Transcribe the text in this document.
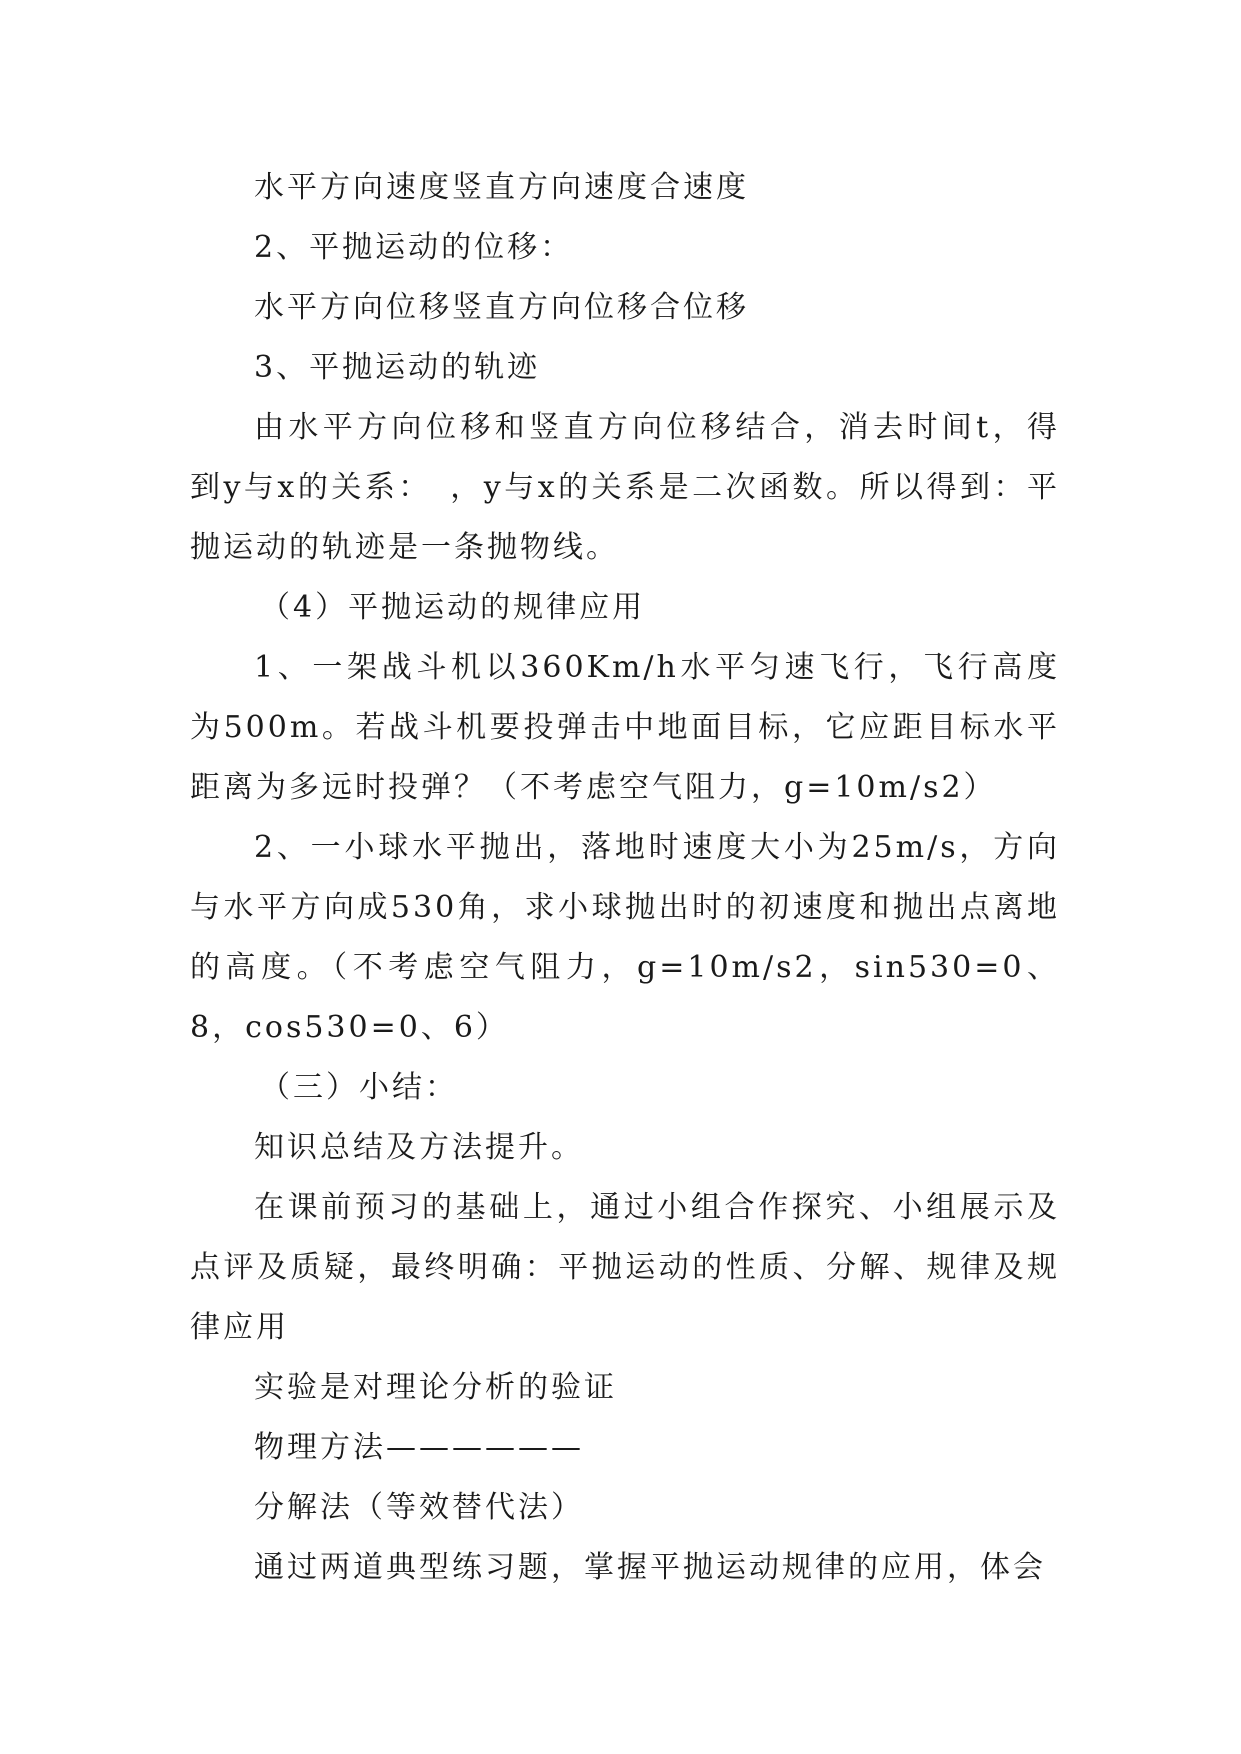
水平方向速度竖直方向速度合速度

2、平抛运动的位移：

水平方向位移竖直方向位移合位移

3、平抛运动的轨迹

由水平方向位移和竖直方向位移结合，消去时间t，得到y与x的关系：　，y与x的关系是二次函数。所以得到：平抛运动的轨迹是一条抛物线。

（4）平抛运动的规律应用

1、一架战斗机以360Km/h水平匀速飞行，飞行高度为500m。若战斗机要投弹击中地面目标，它应距目标水平距离为多远时投弹？（不考虑空气阻力，g=10m/s2）

2、一小球水平抛出，落地时速度大小为25m/s，方向与水平方向成530角，求小球抛出时的初速度和抛出点离地的高度。（不考虑空气阻力，g=10m/s2，sin530=0、8，cos530=0、6）

（三）小结：

知识总结及方法提升。

在课前预习的基础上，通过小组合作探究、小组展示及点评及质疑，最终明确：平抛运动的性质、分解、规律及规律应用

实验是对理论分析的验证

物理方法——————

分解法（等效替代法）

通过两道典型练习题，掌握平抛运动规律的应用，体会
